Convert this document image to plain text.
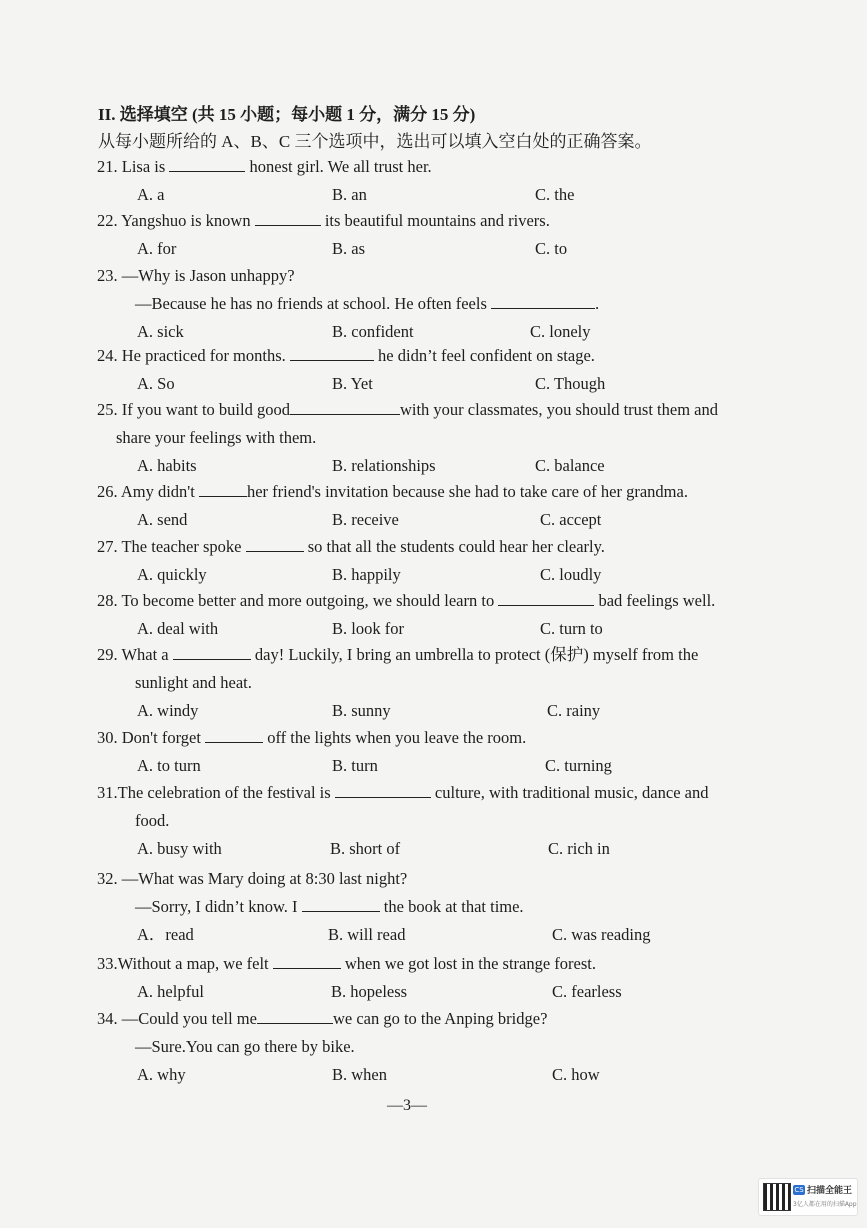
II. 选择填空 (共 15 小题；每小题 1 分，满分 15 分)
从每小题所给的 A、B、C 三个选项中，选出可以填入空白处的正确答案。
21. Lisa is	honest girl. We all trust her.
A. a	B. an	C. the
22. Yangshuo is known	its beautiful mountains and rivers.
A. for	B. as	C. to
23. —Why is Jason unhappy?
—Because he has no friends at school. He often feels	.
A. sick	B. confident	C. lonely
24. He practiced for months.	he didn’t feel confident on stage.
A. So	B. Yet	C. Though
25. If you want to build good	with your classmates, you should trust them and
share your feelings with them.
A. habits	B. relationships	C. balance
26. Amy didn't	her friend's invitation because she had to take care of her grandma.
A. send	B. receive	C. accept
27. The teacher spoke	so that all the students could hear her clearly.
A. quickly	B. happily	C. loudly
28. To become better and more outgoing, we should learn to	bad feelings well.
A. deal with	B. look for	C. turn to
29. What a	day! Luckily, I bring an umbrella to protect (保护) myself from the
sunlight and heat.
A. windy	B. sunny	C. rainy
30. Don't forget	off the lights when you leave the room.
A. to turn	B. turn	C. turning
31.The celebration of the festival is	culture, with traditional music, dance and
food.
A. busy with	B. short of	C. rich in
32. —What was Mary doing at 8:30 last night?
—Sorry, I didn’t know. I	the book at that time.
A．read	B. will read	C. was reading
33.Without a map, we felt	when we got lost in the strange forest.
A. helpful	B. hopeless	C. fearless
34. —Could you tell me	we can go to the Anping bridge?
—Sure.You can go there by bike.
A. why	B. when	C. how
—3—
CS 扫描全能王
3亿人都在用的扫描App
